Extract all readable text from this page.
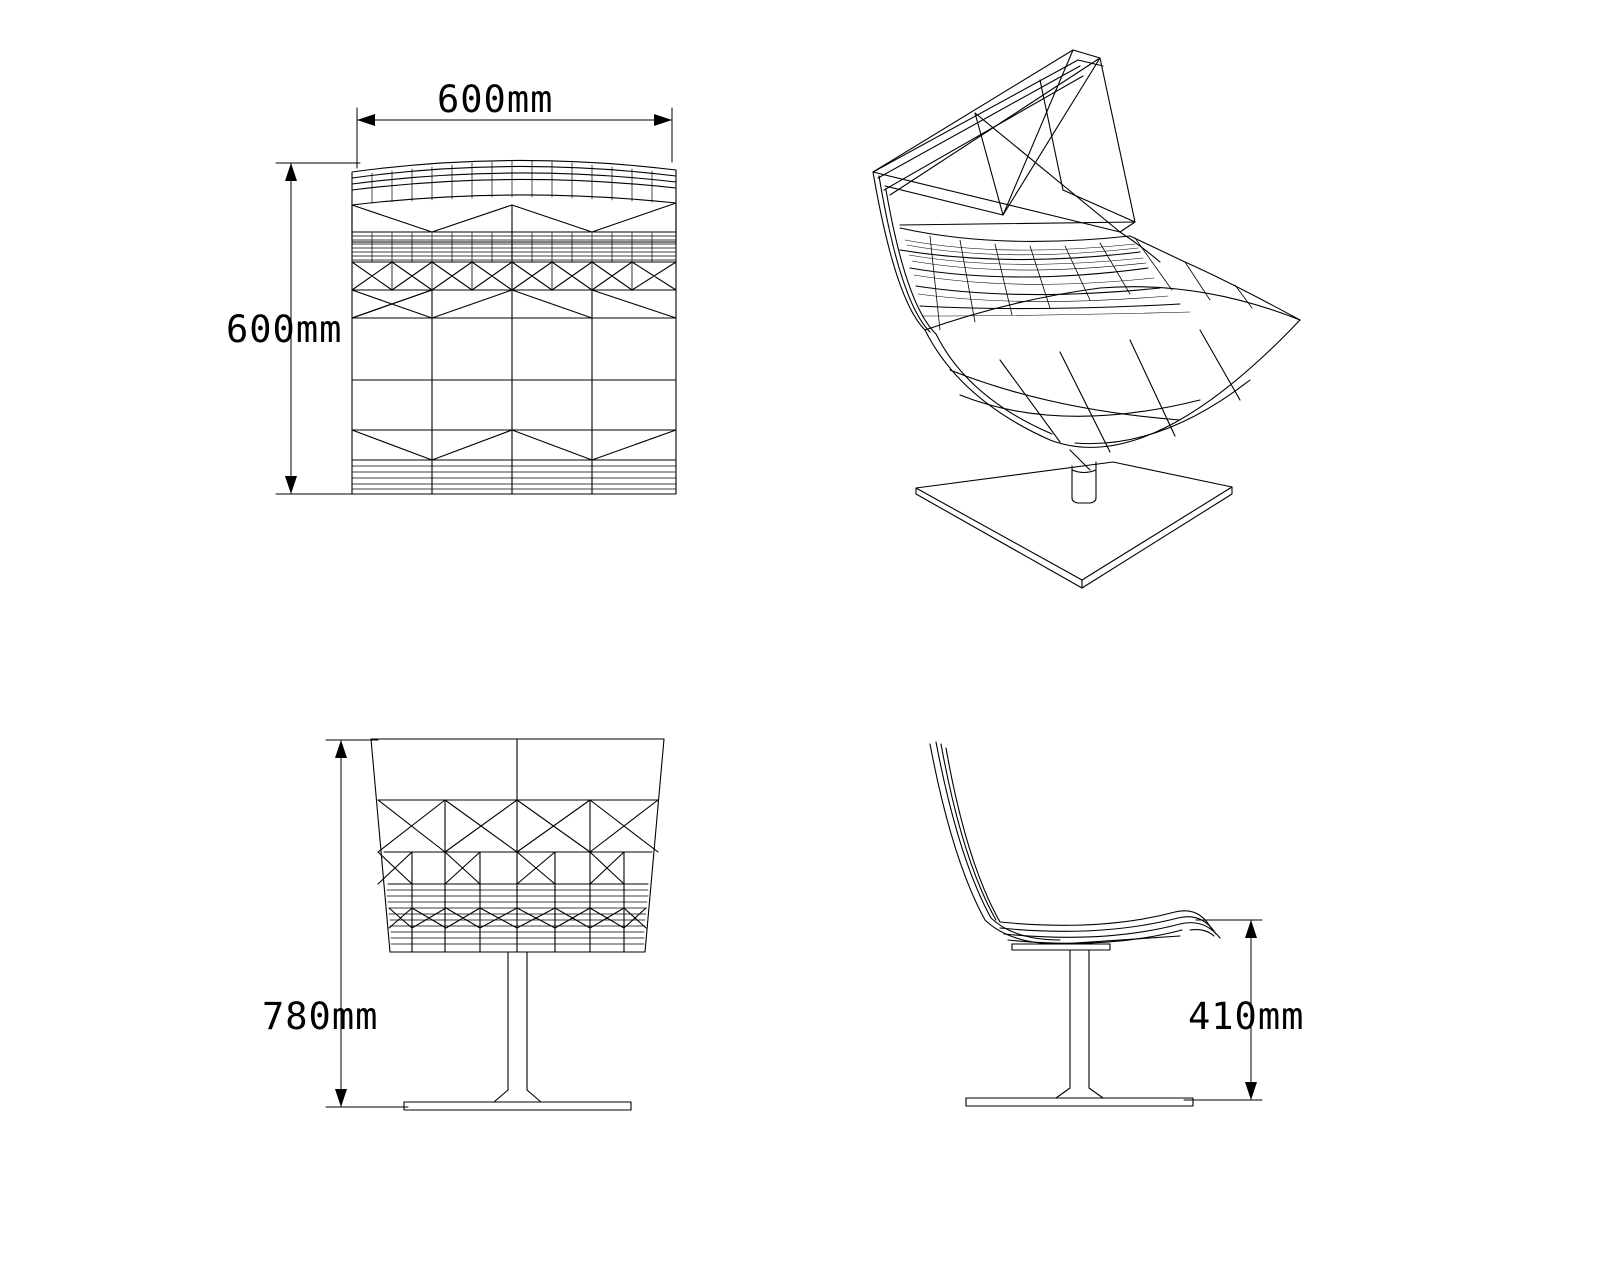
600mm
600mm
780mm	410mm
